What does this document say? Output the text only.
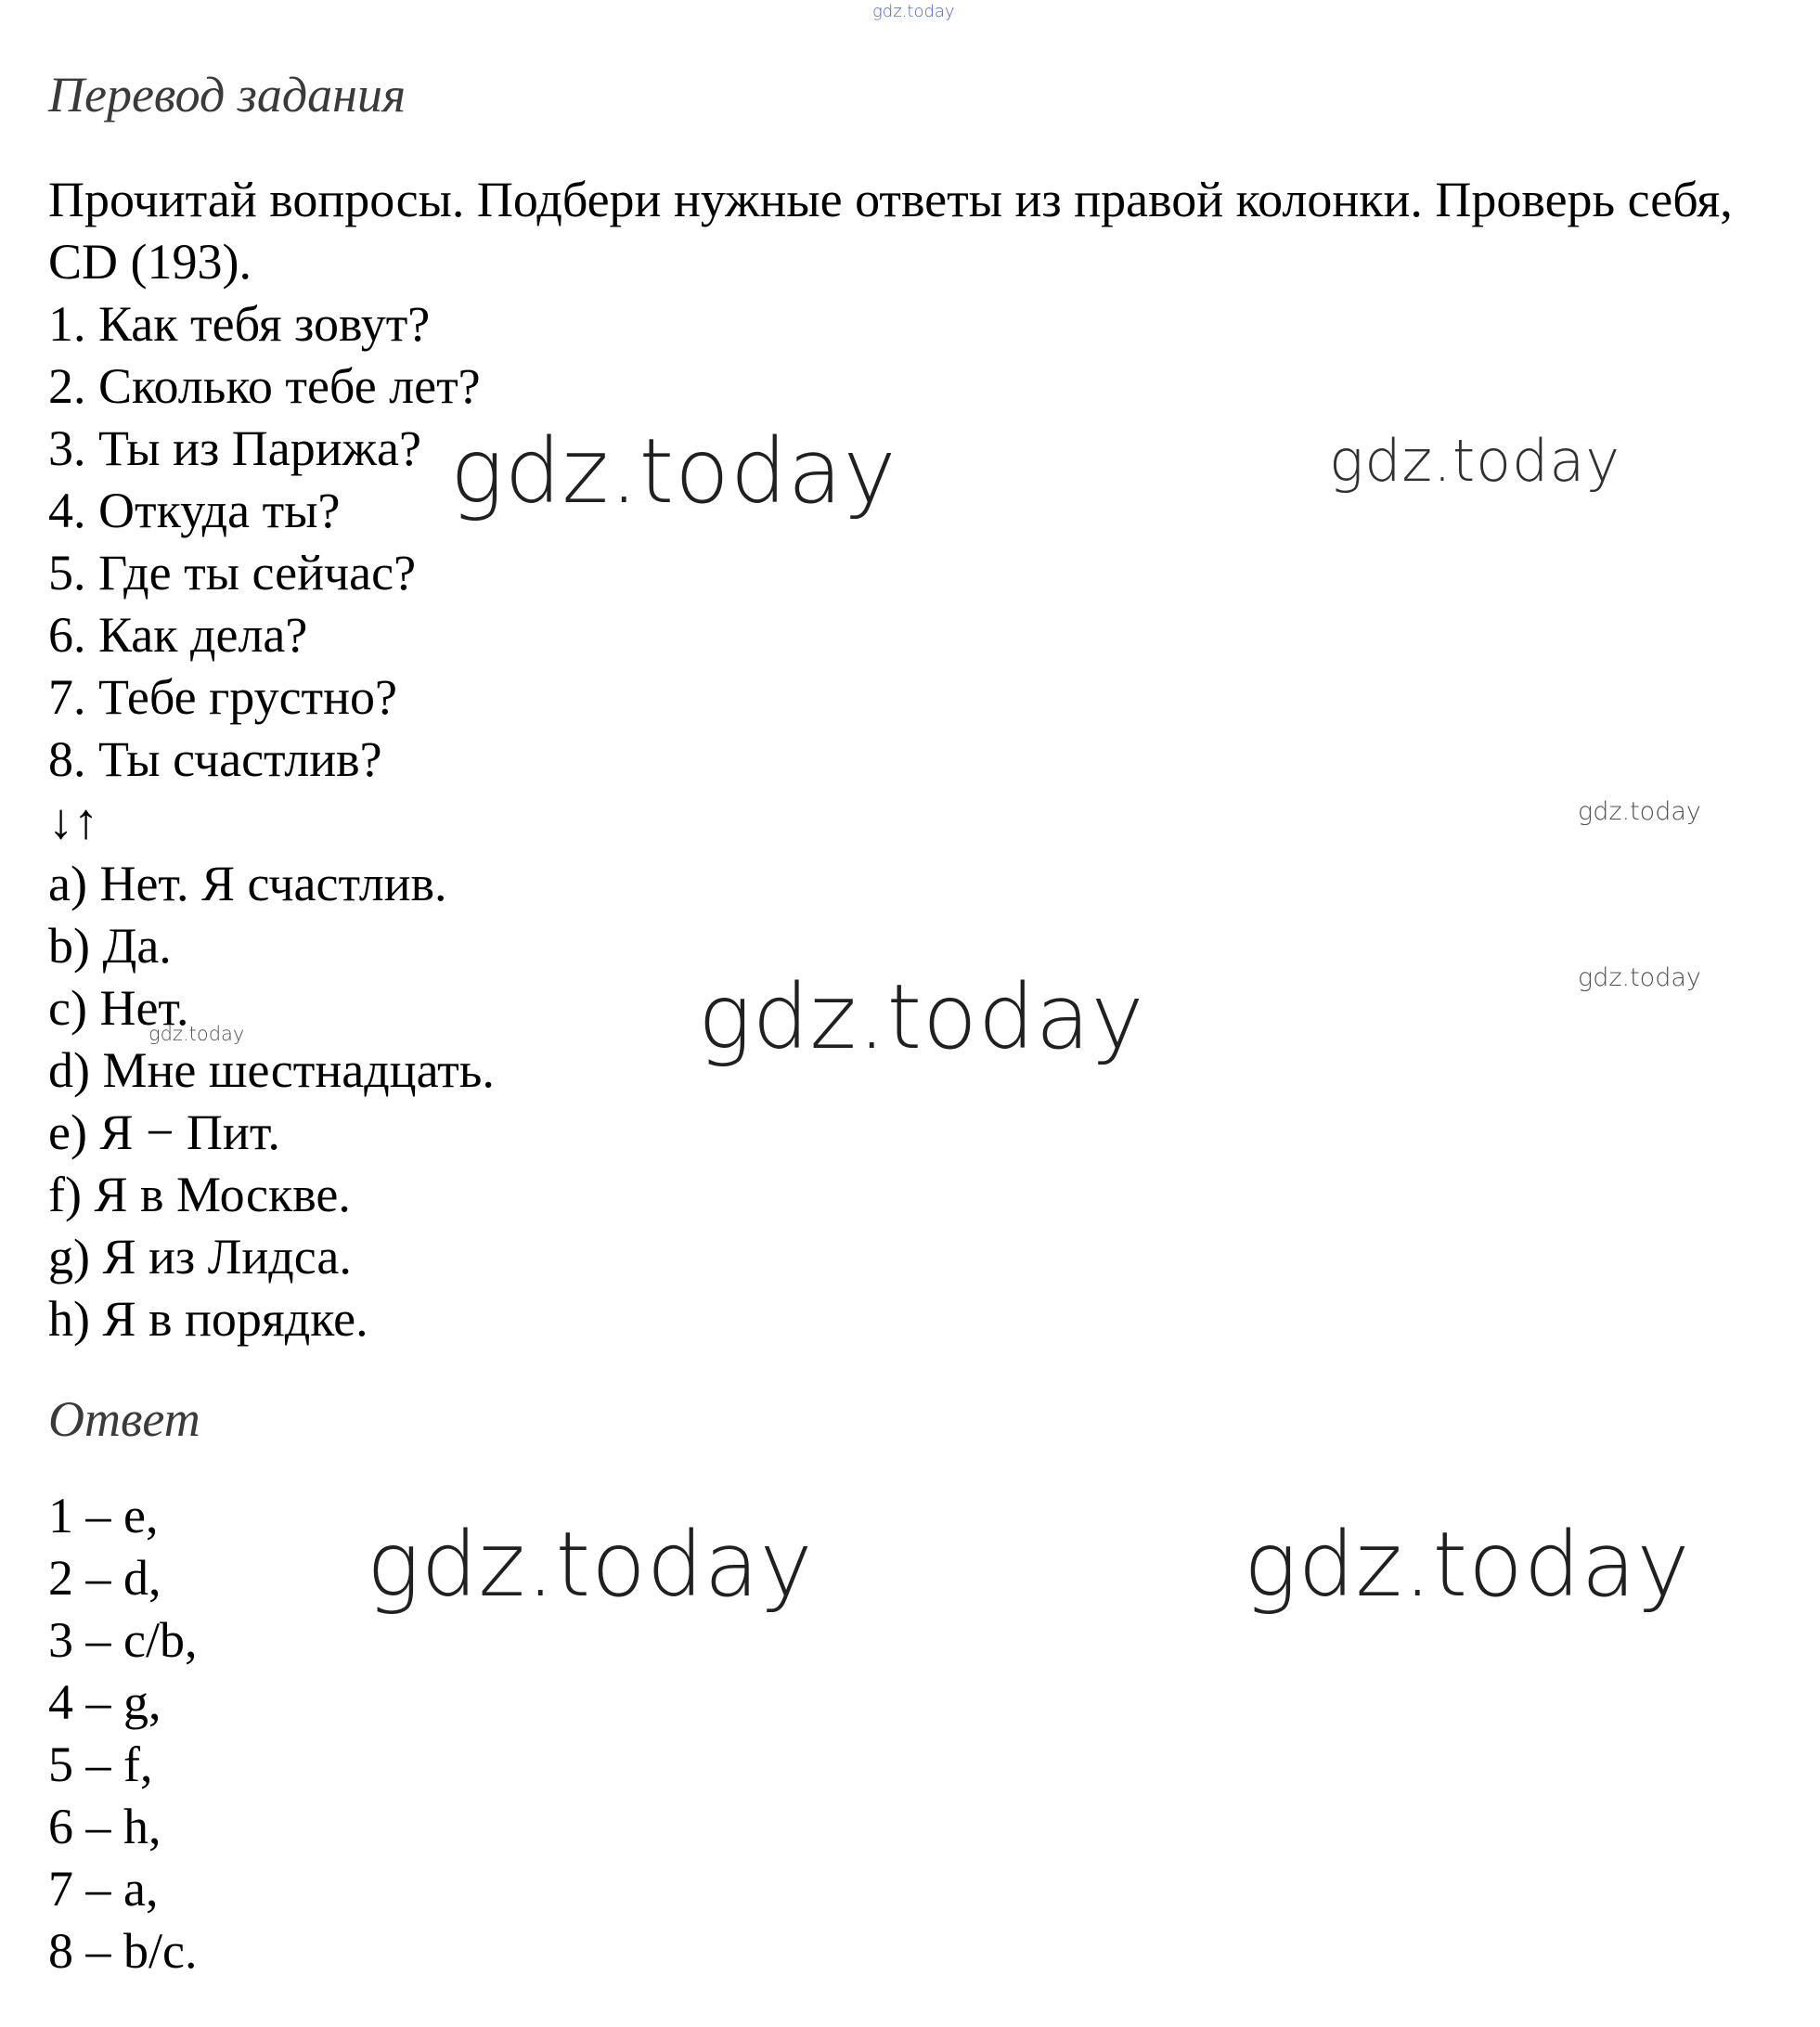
gdz.today
Перевод задания

Прочитай вопросы. Подбери нужные ответы из правой колонки. Проверь себя, CD (193).

1. Как тебя зовут?
2. Сколько тебе лет?
3. Ты из Парижа?
4. Откуда ты?
5. Где ты сейчас?
6. Как дела?
7. Тебе грустно?
8. Ты счастлив?
↓↑
a) Нет. Я счастлив.
b) Да.
c) Нет.
d) Мне шестнадцать.
e) Я − Пит.
f) Я в Москве.
g) Я из Лидса.
h) Я в порядке.
Ответ
1 – e,
2 – d,
3 – c/b,
4 – g,
5 – f,
6 – h,
7 – a,
8 – b/c.
gdz.today	gdz.today
gdz.today
gdz.today
gdz.today
gdz.today
gdz.today	gdz.today
